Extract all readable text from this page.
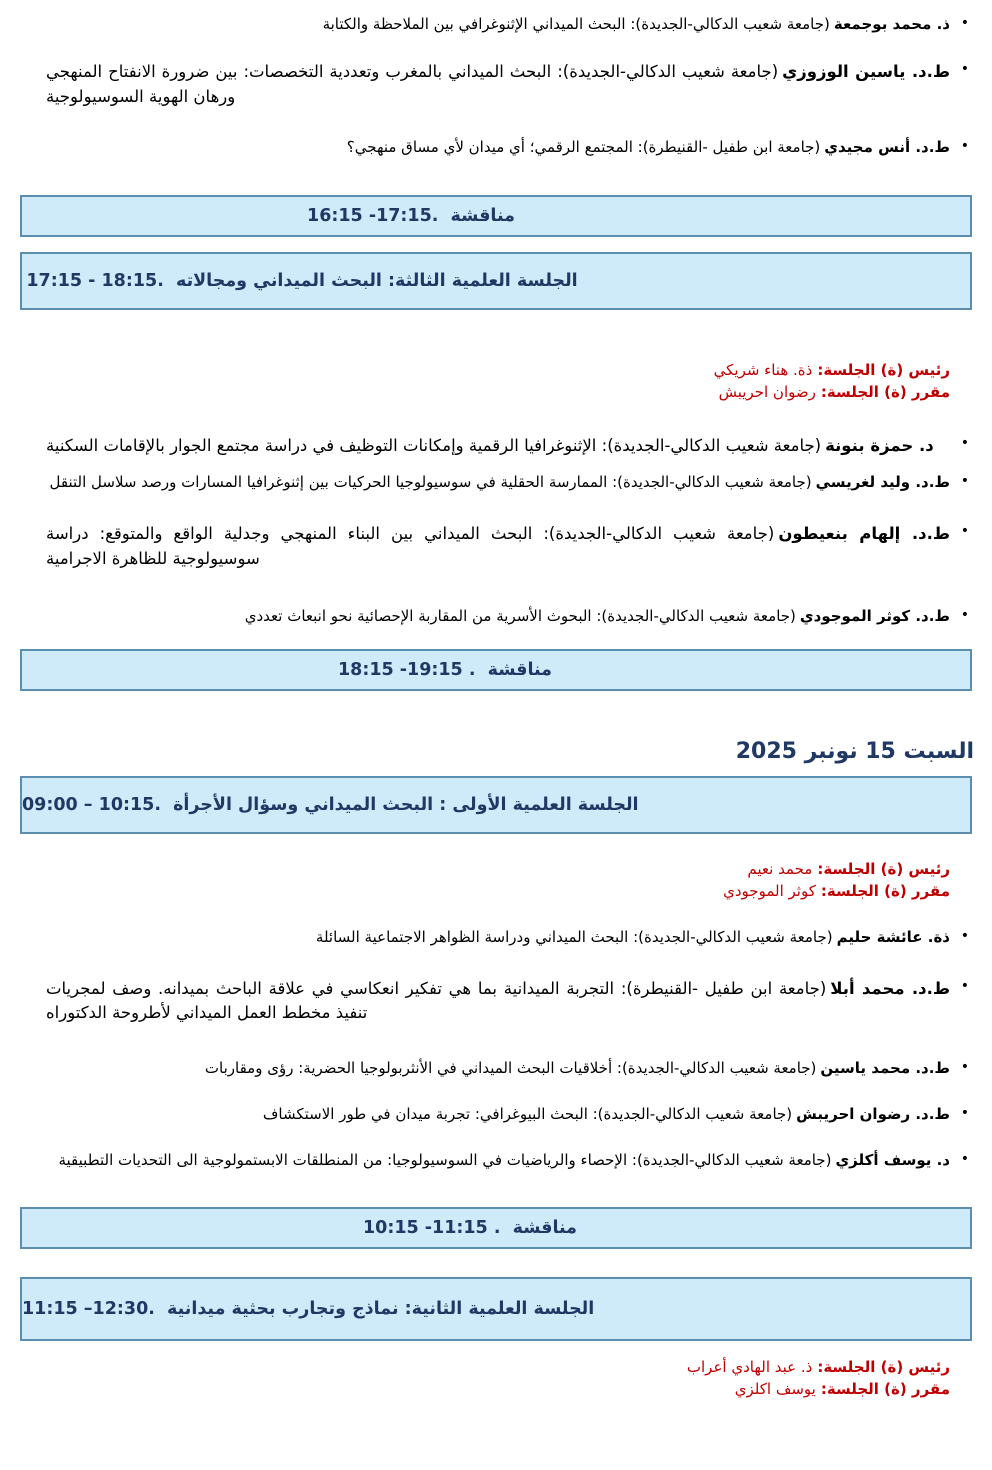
•
ذ. محمد بوجمعة(جامعة شعيب الدكالي-الجديدة): البحث الميداني الإثنوغرافي بين الملاحظة والكتابة
•
ط.د. ياسين الوزوزي(جامعة شعيب الدكالي-الجديدة): البحث الميداني بالمغرب وتعددية التخصصات: بين ضرورة الانفتاح المنهجي ورهان الهوية السوسيولوجية
•
ط.د. أنس مجيدي(جامعة ابن طفيل -القنيطرة): المجتمع الرقمي؛ أي ميدان لأي مساق منهجي؟
16:15 -17:15. مناقشة
17:15 - 18:15. الجلسة العلمية الثالثة: البحث الميداني ومجالاته
رئيس (ة) الجلسة:ذة. هناء شريكي
مقرر (ة) الجلسة:رضوان احريبش
•
د. حمزة بنونة(جامعة شعيب الدكالي-الجديدة): الإثنوغرافيا الرقمية وإمكانات التوظيف في دراسة مجتمع الجوار بالإقامات السكنية
•
ط.د. وليد لغريسي(جامعة شعيب الدكالي-الجديدة): الممارسة الحقلية في سوسيولوجيا الحركيات بين إثنوغرافيا المسارات ورصد سلاسل التنقل
•
ط.د. إلهام بنعيطون(جامعة شعيب الدكالي-الجديدة): البحث الميداني بين البناء المنهجي وجدلية الواقع والمتوقع: دراسة سوسيولوجية للظاهرة الاجرامية
•
ط.د. كوثر الموجودي(جامعة شعيب الدكالي-الجديدة): البحوث الأسرية من المقاربة الإحصائية نحو انبعاث تعددي
18:15 -19:15 . مناقشة
السبت 15 نونبر 2025
09:00 – 10:15. الجلسة العلمية الأولى : البحث الميداني وسؤال الأجرأة
رئيس (ة) الجلسة:محمد نعيم
مقرر (ة) الجلسة:كوثر الموجودي
•
ذة. عائشة حليم(جامعة شعيب الدكالي-الجديدة): البحث الميداني ودراسة الظواهر الاجتماعية السائلة
•
ط.د. محمد أبلا(جامعة ابن طفيل -القنيطرة): التجربة الميدانية بما هي تفكير انعكاسي في علاقة الباحث بميدانه. وصف لمجريات تنفيذ مخطط العمل الميداني لأطروحة الدكتوراه
•
ط.د. محمد ياسين(جامعة شعيب الدكالي-الجديدة): أخلاقيات البحث الميداني في الأنثربولوجيا الحضرية: رؤى ومقاربات
•
ط.د. رضوان احريبش(جامعة شعيب الدكالي-الجديدة): البحث البيوغرافي: تجربة ميدان في طور الاستكشاف
•
د. يوسف أكلزي(جامعة شعيب الدكالي-الجديدة): الإحصاء والرياضيات في السوسيولوجيا: من المنطلقات الابستمولوجية الى التحديات التطبيقية
10:15 -11:15 . مناقشة
11:15 –12:30. الجلسة العلمية الثانية: نماذج وتجارب بحثية ميدانية
رئيس (ة) الجلسة:ذ. عبد الهادي أعراب
مقرر (ة) الجلسة:يوسف اكلزي
